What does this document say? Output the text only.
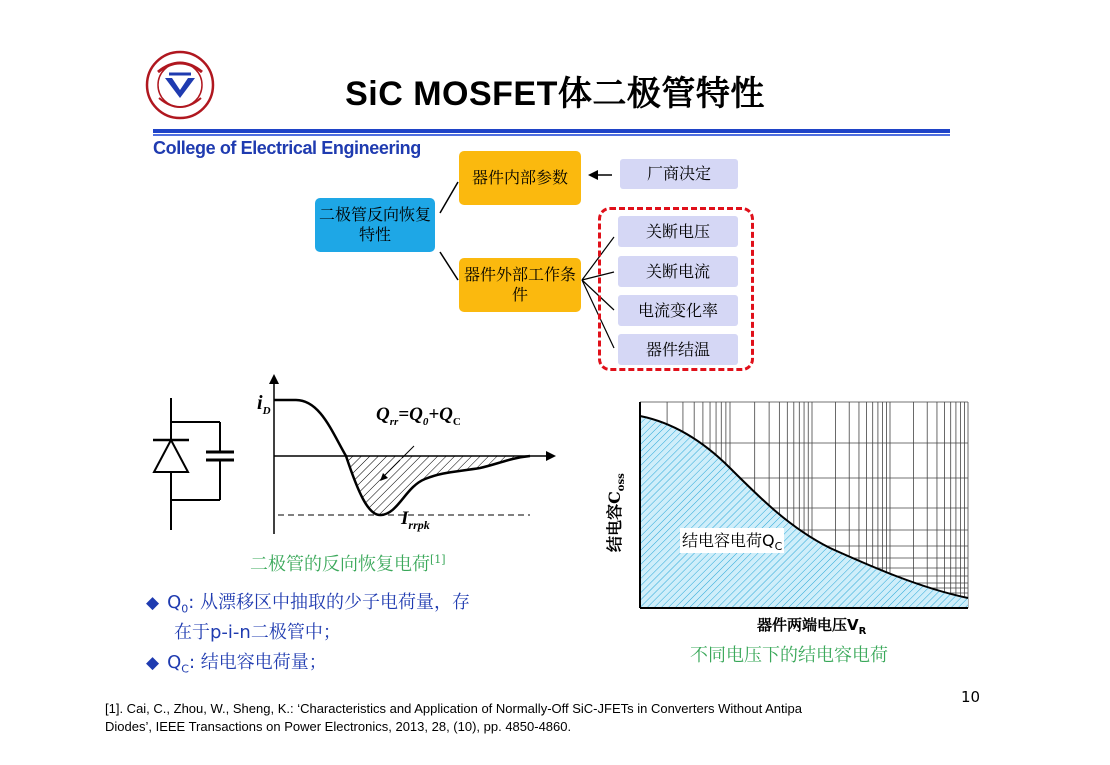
SiC MOSFET体二极管特性
College of Electrical Engineering
二极管反向恢复特性
器件内部参数
器件外部工作条件
厂商决定
关断电压
关断电流
电流变化率
器件结温
$i_D$	$Q_{rr}=Q_0+Q_C$
$I_{rrpk}$
二极管的反向恢复电荷[1]
结电容$C_{oss}$
结电容电荷$Q_C$
器件两端电压$V_R$
不同电压下的结电容电荷
◆ $Q_0$: 从漂移区中抽取的少子电荷量，存
在于p-i-n二极管中；
◆ $Q_C$: 结电容电荷量；
10
[1]. Cai, C., Zhou, W., Sheng, K.: ‘Characteristics and Application of Normally-Off SiC-JFETs in Converters Without Antipa
Diodes’, IEEE Transactions on Power Electronics, 2013, 28, (10), pp. 4850-4860.
